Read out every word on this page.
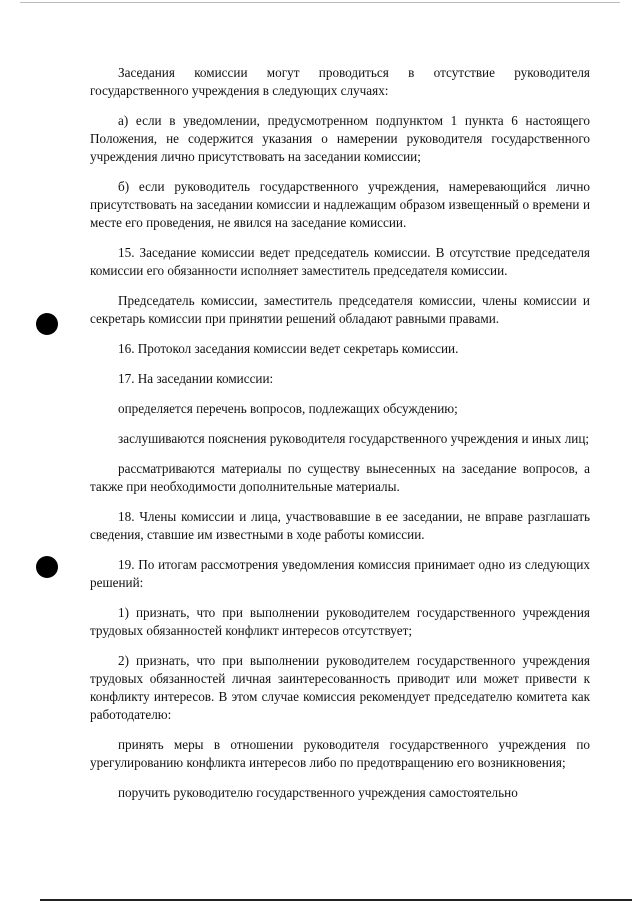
Заседания комиссии могут проводиться в отсутствие руководителя государственного учреждения в следующих случаях:

а) если в уведомлении, предусмотренном подпунктом 1 пункта 6 настоящего Положения, не содержится указания о намерении руководителя государственного учреждения лично присутствовать на заседании комиссии;

б) если руководитель государственного учреждения, намеревающийся лично присутствовать на заседании комиссии и надлежащим образом извещенный о времени и месте его проведения, не явился на заседание комиссии.

15. Заседание комиссии ведет председатель комиссии. В отсутствие председателя комиссии его обязанности исполняет заместитель председателя комиссии.

Председатель комиссии, заместитель председателя комиссии, члены комиссии и секретарь комиссии при принятии решений обладают равными правами.

16. Протокол заседания комиссии ведет секретарь комиссии.

17. На заседании комиссии:

определяется перечень вопросов, подлежащих обсуждению;

заслушиваются пояснения руководителя государственного учреждения и иных лиц;

рассматриваются материалы по существу вынесенных на заседание вопросов, а также при необходимости дополнительные материалы.

18. Члены комиссии и лица, участвовавшие в ее заседании, не вправе разглашать сведения, ставшие им известными в ходе работы комиссии.

19. По итогам рассмотрения уведомления комиссия принимает одно из следующих решений:

1) признать, что при выполнении руководителем государственного учреждения трудовых обязанностей конфликт интересов отсутствует;

2) признать, что при выполнении руководителем государственного учреждения трудовых обязанностей личная заинтересованность приводит или может привести к конфликту интересов. В этом случае комиссия рекомендует председателю комитета как работодателю:

принять меры в отношении руководителя государственного учреждения по урегулированию конфликта интересов либо по предотвращению его возникновения;

поручить руководителю государственного учреждения самостоятельно
